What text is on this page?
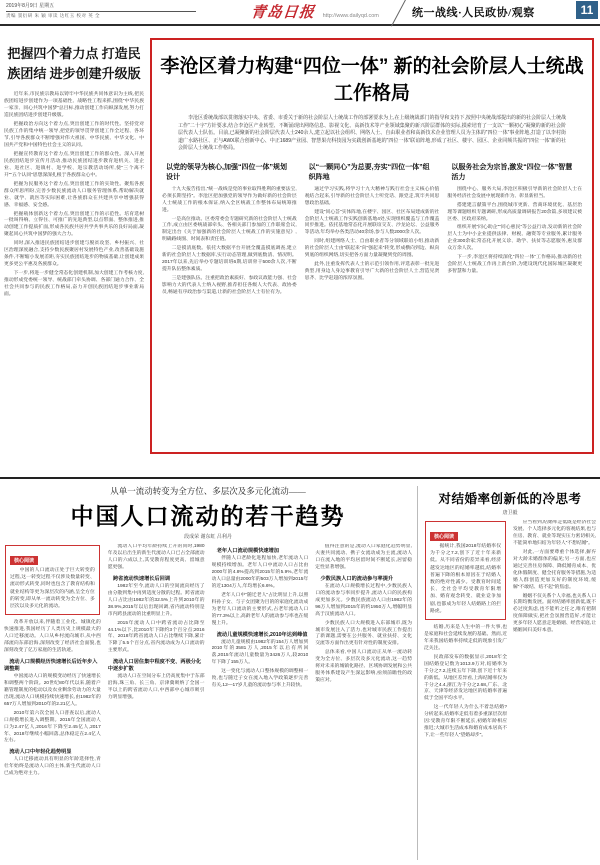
2019年8月9日 星期五
责编 窦衍研 朱 颖 审读 达红玉 校对 英 全	青岛日报 http://www.dailyqd.com	统一战线·人民政协/观察	11
把握四个着力点 打造民族团结 进步创建升级版

近年来,市民族宗教局以铸牢中华民族共同体意识为主线,把民族团结进步创建作为一项基础性、战略性工程来抓,围绕“中华民族一家亲、同心共筑中国梦”总目标,推动创建工作向纵深发展,努力打造民族团结进步创建升级版。

把握政治方向这个着力点,突出创建工作的时代性。坚持党对民族工作的集中统一领导,把党的领导贯穿创建工作全过程、各环节,引导各族群众不断增强对伟大祖国、中华民族、中华文化、中国共产党和中国特色社会主义的认同。

把握宣传教育这个着力点,突出创建工作的群众性。深入开展民族团结进步宣传月活动,推动民族团结进步教育进机关、进企业、进社区、进镇村、进学校、进宗教活动场所,使“三个离不开”“五个认同”思想深深扎根于各族群众心中。

把握为民服务这个着力点,突出创建工作的实效性。聚焦各族群众所思所盼,完善少数民族流动人口服务管理体系,帮助解决就业、就学、就医等实际困难,让各族群众在共建共享中增强获得感、幸福感、安全感。

把握载体创新这个着力点,突出创建工作的示范性。培育选树一批叫得响、立得住、可推广的先进典型,以点带面、整体推进,推动创建工作提质扩面,形成各民族共居共学共事共乐的良好局面,凝聚起同心共筑中国梦的强大合力。

同时,深入推进民族团结进步创建与脱贫攻坚、乡村振兴、社区治理深度融合,支持少数民族聚居村发展特色产业,改善基础设施条件,不断缩小发展差距,夯实民族团结进步的物质基础,让创建成果更多更公平惠及各族群众。

下一步,将进一步健全常态化创建机制,加大创建工作考核力度,推动形成党委统一领导、统战部门牵头协调、各部门通力合作、全社会共同参与的民族工作格局,奋力开创民族团结进步事业新局面。

李沧区着力构建“四位一体” 新的社会阶层人士统战工作格局

李沧区委统战部以贯彻落实中央、省委、市委关于新的社会阶层人士统战工作的部署要求为上,在上级统战部门的指导和支持下,按照中央统战部提出的新的社会阶层人士统战工作“二十字”方针要求,结合李沧区产业转型、不断涌现出网络信息、影视文化、高新技术等产业领域集聚的新兴阶层群体的实际,摸索培育了一支以“一颗初心”凝聚的新的社会阶层代表人士队伍。目前,已凝聚新的社会阶层代表人士240余人,建立起以社会组织、网络人士、自由职业者和高新技术企业管理人员为主体的“四位一体”事业阵地,打造了以李村街道广水路社区、正与AWX联合创新中心、中正1689产业园、智慧果壳科技园为实践创新基地的“四位一体”联谊阵地,形成了社区、楼宇、园区、企业同频共振的“四位一体”新的社会阶层人士统战工作格局。

以党的领导为核心,加强“四位一体”规划设计

十九大报告指出,“统一战线是党的事业取得胜利的重要法宝,必须长期坚持”。李沧区把加强党的领导作为做好新的社会阶层人士统战工作的根本保证,纳入全区统战工作整体布局统筹推进。

一是高位推动。区委常委会专题研究新的社会阶层人士统战工作,成立由区委统战部牵头、各相关部门参加的工作联席会议,制定出台《关于加强新的社会阶层人士统战工作的实施意见》,明确路线图、时间表和责任链。

二是摸清底数。依托大数据平台开展全覆盖摸底调查,建立新的社会阶层人士数据库,实行动态管理,做到底数清、情况明。2017年以来,先后举办专题培训班6期,培训骨干500余人次,不断提升队伍整体素质。

三是建强队伍。注重把政治素质好、参政议政能力强、社会影响力大的代表人士纳入视野,推荐担任各级人大代表、政协委员,畅通有序政治参与渠道,让新的社会阶层人士有位有为。

以“一颗同心”为总要,夯实“四位一体”组织阵地

通过学习实践,将学习十九大精神与践行社会主义核心价值观结合起来,引导新的社会阶层人士听党话、跟党走,筑牢共同思想政治基础。

建设“同心荟”实体阵地,在楼宇、园区、社区布局建成新的社会阶层人士统战工作实践创新基地4处,实现组织覆盖与工作覆盖同步推进。依托基地常态化开展联谊交友、沙龙论坛、公益服务等活动,年均举办各类活动40余场,参与人数2000余人次。

同时,组建网络人士、自由职业者等分领域联谊小组,推动新的社会阶层人士由“联起来”向“强起来”转变,形成横向到边、纵向到底的组织网络,切实把各方面力量凝聚到党的周围。

此外,注重发挥代表人士的示范引领作用,评选表彰一批先进典型,用身边人身边事教育引导广大新的社会阶层人士,营造见贤思齐、比学赶超的浓厚氛围。

以服务社会为宗旨,激发“四位一体”智慧活力

围绕中心、服务大局,李沧区积极引导新的社会阶层人士在服务经济社会发展中展现新作为、彰显新担当。

搭建建言献策平台,围绕城市更新、营商环境优化、基层治理等课题组织专题调研,形成高质量调研报告20余篇,多项建议被区委、区政府采纳。

组织开展“同心助企”“同心惠民”等公益行动,发动新的社会阶层人士为中小企业提供法律、财税、融资等专业服务,累计服务企业300余家;常态化开展义诊、助学、扶贫等志愿服务,惠及群众万余人次。

下一步,李沧区将持续深化“四位一体”工作格局,推动新的社会阶层人士统战工作再上新台阶,为建设现代化国际城区凝聚更多智慧和力量。

从单一流动转变为全方位、多层次及多元化流动——
中国人口流动的若干趋势
段成荣 谢东虹 吕利丹
核心阅读
中国的人口流动正处于巨大转变的过程,这一转变过程不仅涉及数量转变、流动形式转变,同时也包含了教育结构和就业结构等更为深层次的内涵,呈全方位的转变,即从单一流动转变为全方位、多层次以及多元化的流动。

改革开放以来,伴随着工业化、城镇化的快速推进,我国经历了人类历史上规模最大的人口迁移流动。人口从乡村流向城市,从中西部流向东部沿海,深刻改变了经济社会面貌,也深刻改变了亿万家庭的生活轨迹。

流动人口规模经历快速增长后近年步入调整期

中国流动人口的规模变动经历了快速增长和调整两个阶段。20世纪80年代以来,随着户籍管理制度的松动以及农业剩余劳动力的大量出现,流动人口规模持续快速增长,由1982年的657万人增加到2010年的2.21亿人。

2010年第六次全国人口普查以后,流动人口规模增长进入调整期。2015年全国流动人口为2.47亿人,2016年下降至2.45亿人,2017年、2018年继续小幅回落,总体稳定在2.4亿人左右。

流动人口中年轻化趋势明显

人口迁移流动具有明显的年龄选择性,青壮年始终是流动人口的主体,新生代流动人口已成为绝对主力。

流动人口平均年龄持续上升的同时,1980年及以后出生的新生代流动人口已占全部流动人口的六成以上,其受教育程度更高、留城意愿更强。

跨省流动快速增长后回调

1982年至今,流动人口的空间流向经历了由分散到集中再到适度分散的过程。跨省流动人口占比由1982年的32.5%上升到2010年的38.9%,2015年以后出现回调,省内流动特别是市内跨县流动的比重明显上升。

2015年流动人口中跨省流动占比降至44.1%以下,比2010年下降约3个百分点;2016年、2018年跨省流动人口占比继续下降,累计下降了5.5个百分点,省内流动成为人口流动的主要形式。

流动人口居住集中程度不变、两极分化中逐步扩散

流动人口在空间分布上仍高度集中于东部沿海,珠三角、长三角、京津冀吸纳了全国一半以上的跨省流动人口,中西部中心城市吸引力明显增强。

老年人口流动规模快速增加

伴随人口老龄化进程加快,老年流动人口规模持续增加。老年人口中流动人口占比由2000年的4.8%提高到2015年的5.9%,老年流动人口总量由2000年的503万人增加到2015年的近1304万人,年均增长6.6%。

老年人口中“随迁老人”占比明显上升,以照料孙子女、与子女团聚为目的的家庭化流动成为老年人口流动的主要形式,占老年流动人口的77.3%以上,高龄老年人的流动参与率也在缓慢上升。

流动儿童规模快速增长,2010年达到峰值

流动儿童规模由1982年的154万人增加到2010年的3581万人,2015年以后有所回落,2015年流动儿童数量为3426万人,较2010年下降了155万人。

这一变化与流动人口整体规模的调整相一致,也与随迁子女在流入地入学政策逐步完善有关,12—17岁儿童的流动参与率上升较快。

值得注意的是,流动人口家庭化趋势明显,夫妻共同流动、携子女流动成为主流,流动人口在流入地的平均居留时间不断延长,居留稳定性显著增强。

少数民族人口的流动参与率提升

在流动人口规模增长过程中,少数民族人口的流动参与率同步提升,流动人口的民族构成更加多元。少数民族流动人口由1982年的96万人增加到2015年的约1950万人,增幅明显高于汉族流动人口。

少数民族人口大规模进入东部城市,既为城市发展注入了活力,也对城市民族工作提出了新课题,需要在公共服务、就业扶持、文化交流等方面作出更有针对性的制度安排。

总体来看,中国人口流动正从单一流动转变为全方位、多层次及多元化流动,这一趋势将对未来的城镇化路径、区域协调发展和公共服务体系建设产生深远影响,亟须前瞻性的政策应对。

对结婚率创新低的冷思考
唐卫毅
核心阅读
据统计,我国2018年结婚率仅为千分之7.2,创下了近十年来新低。从不同省份的差异来看,经济越发达地区的结婚率越低,结婚率普遍下降的根本原因在于结婚人数的绝对性减少。受教育时间延长、全社会平均受教育年限增加、婚育观念转变、就业竞争加剧,也都成为年轻人结婚路上的拦路虎。

结婚,历来是人生中的一件大事,也是家庭和社会延续发展的基础。然而,近年来我国结婚率持续走低的现象引发广泛关注。

民政部发布的数据显示,2018年全国结婚登记数为1013.9万对,结婚率为千分之7.2,连续五年下降,创下近十年来的新低。从地区差异看,上海结婚率仅为千分之4.4,浙江为千分之2.68,广东、北京、天津等经济发达地区的结婚率普遍低于全国平均水平。

这一代年轻人为什么不着急结婚?分析起来,结婚率走低有着多重深层次原因:受教育年限不断延长,初婚年龄相应推迟;大城市生活成本和婚育成本居高不下,让一些年轻人“望婚却步”。

应当看到,结婚率走低既是经济社会发展、个人选择多元化的客观结果,也与住房、教育、就业等现实压力密切相关,不能简单地归结为年轻人“不想结婚”。

对此,一方面要尊重个体选择,摒弃对大龄未婚群体的偏见;另一方面,也应通过完善住房保障、降低婚育成本、优化休假制度、健全托育服务等措施,为适婚人群创造更加友好的制度环境,缓解“不敢结、结不起”的焦虑。

婚姻不仅关系个人幸福,也关系人口长期均衡发展。面对结婚率创新低,既不必过度焦虑,也不能听之任之,唯有把制度保障做实,把社会氛围营造好,才能让更多年轻人愿意走进婚姻、经营家庭,让婚姻回归美好本意。
